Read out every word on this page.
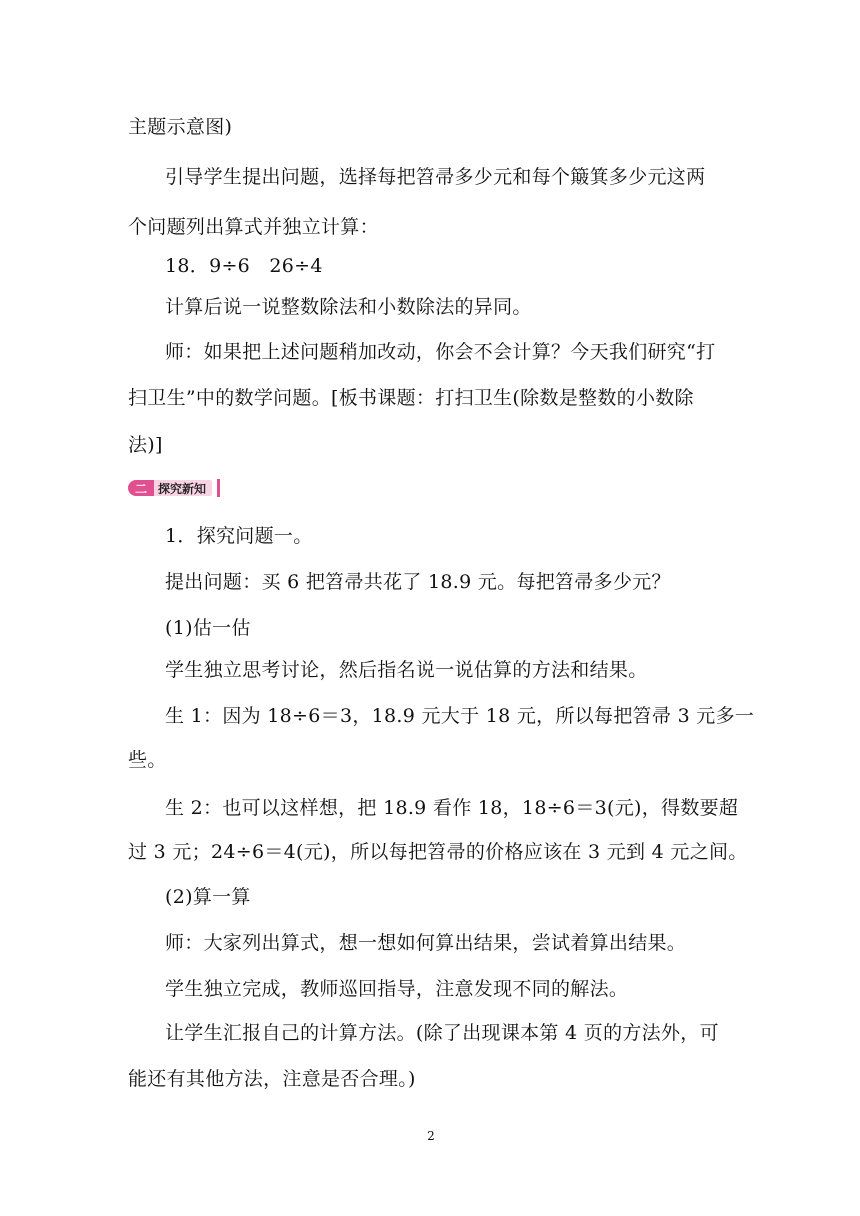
主题示意图)
引导学生提出问题，选择每把笤帚多少元和每个簸箕多少元这两
个问题列出算式并独立计算：
18．9÷6　26÷4
计算后说一说整数除法和小数除法的异同。
师：如果把上述问题稍加改动，你会不会计算？今天我们研究“打
扫卫生”中的数学问题。[板书课题：打扫卫生(除数是整数的小数除
法)]
二 探究新知
1．探究问题一。
提出问题：买 6 把笤帚共花了 18.9 元。每把笤帚多少元？
(1)估一估
学生独立思考讨论，然后指名说一说估算的方法和结果。
生 1：因为 18÷6＝3，18.9 元大于 18 元，所以每把笤帚 3 元多一
些。
生 2：也可以这样想，把 18.9 看作 18，18÷6＝3(元)，得数要超
过 3 元；24÷6＝4(元)，所以每把笤帚的价格应该在 3 元到 4 元之间。
(2)算一算
师：大家列出算式，想一想如何算出结果，尝试着算出结果。
学生独立完成，教师巡回指导，注意发现不同的解法。
让学生汇报自己的计算方法。(除了出现课本第 4 页的方法外，可
能还有其他方法，注意是否合理。)
2
